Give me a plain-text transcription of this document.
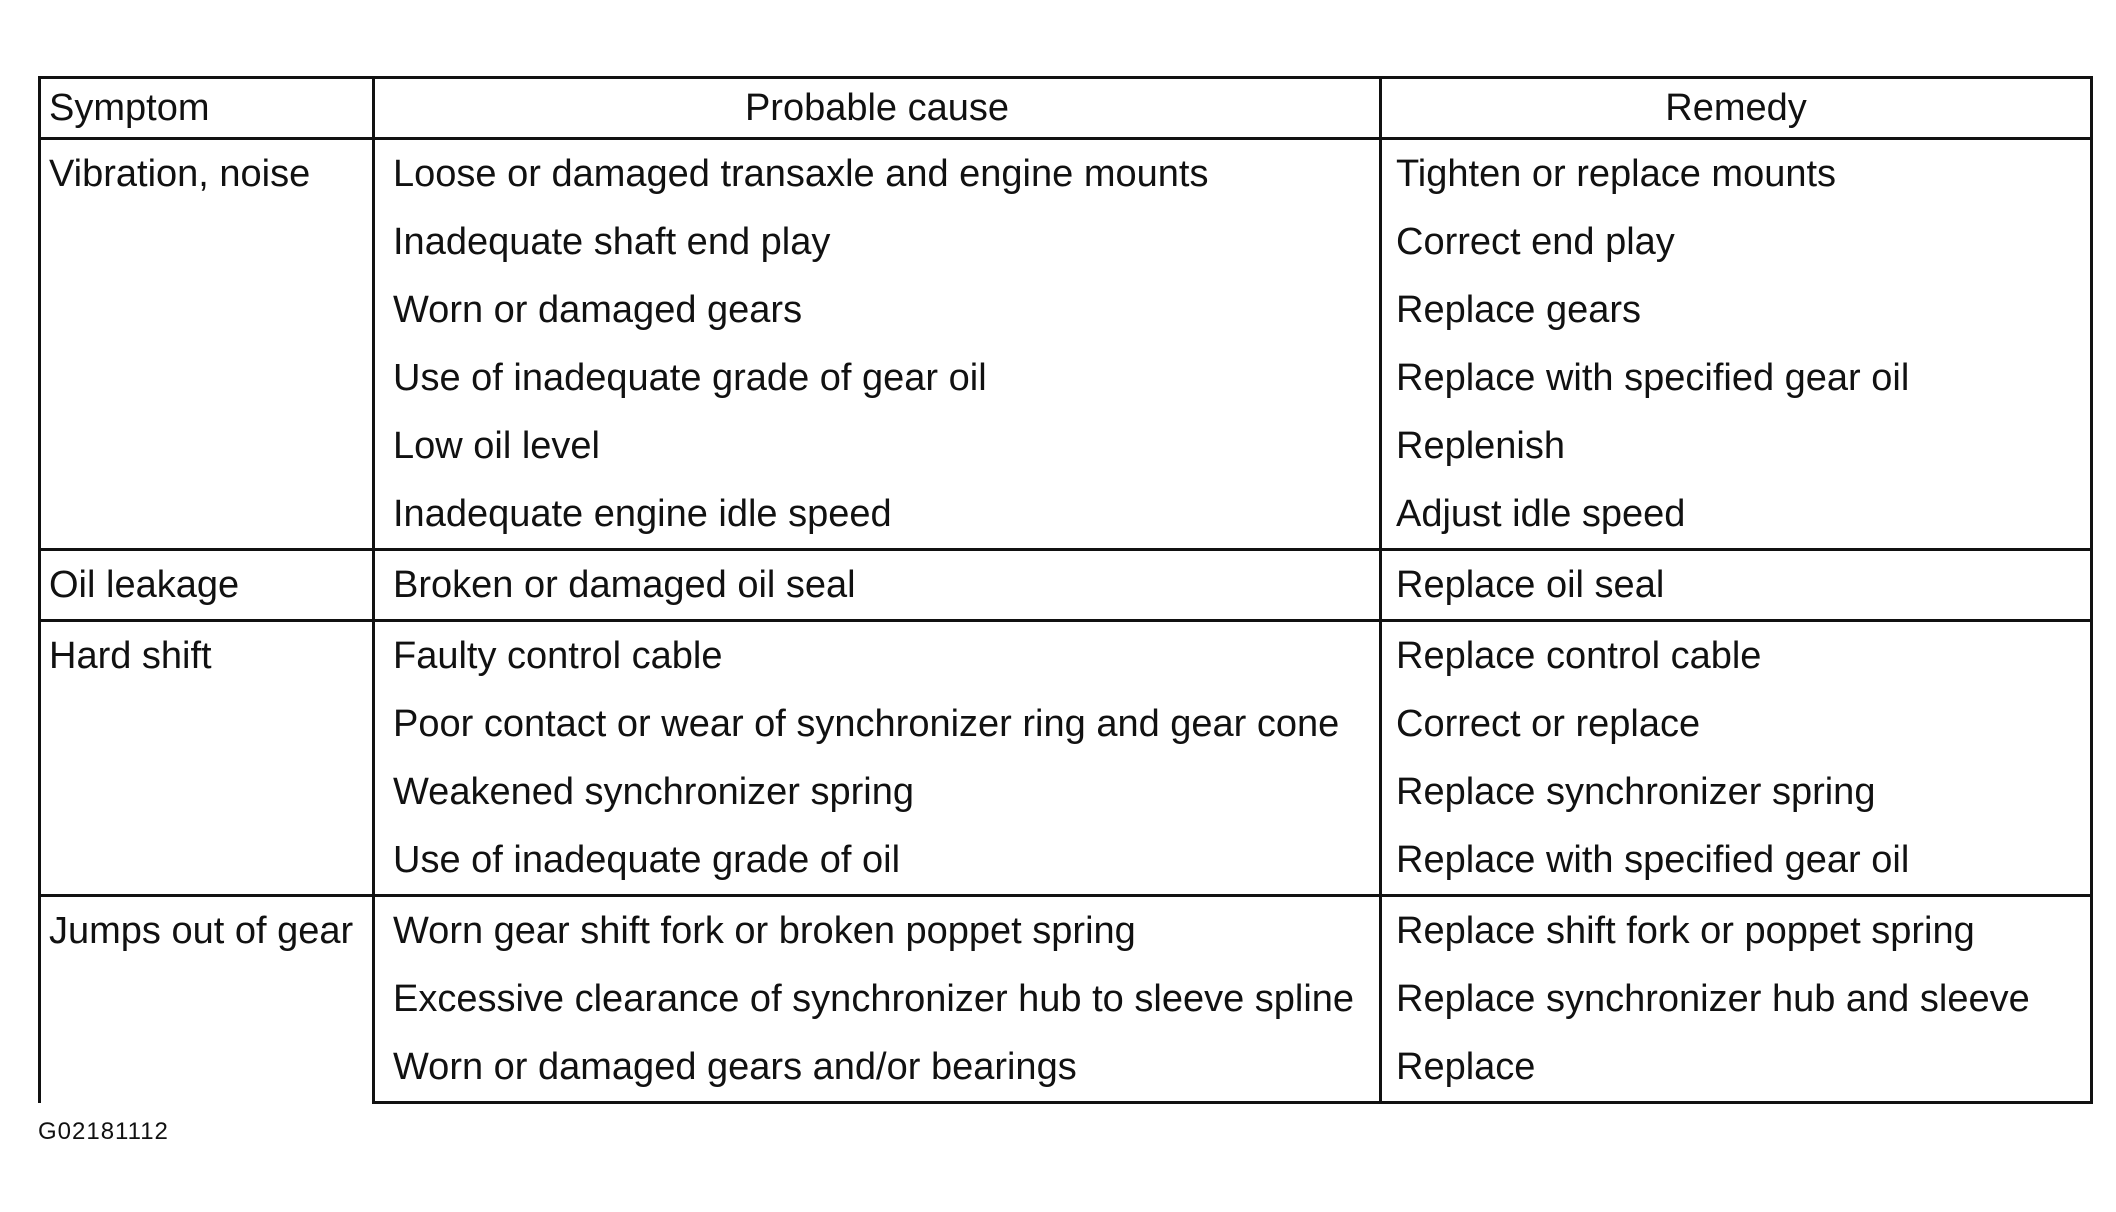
Symptom	Probable cause	Remedy

Vibration, noise	Loose or damaged transaxle and engine mounts	Tighten or replace mounts

	Inadequate shaft end play	Correct end play

	Worn or damaged gears	Replace gears

	Use of inadequate grade of gear oil	Replace with specified gear oil

	Low oil level	Replenish

	Inadequate engine idle speed	Adjust idle speed

Oil leakage	Broken or damaged oil seal	Replace oil seal

Hard shift	Faulty control cable	Replace control cable

	Poor contact or wear of synchronizer ring and gear cone	Correct or replace

	Weakened synchronizer spring	Replace synchronizer spring

	Use of inadequate grade of oil	Replace with specified gear oil

Jumps out of gear	Worn gear shift fork or broken poppet spring	Replace shift fork or poppet spring

	Excessive clearance of synchronizer hub to sleeve spline	Replace synchronizer hub and sleeve

	Worn or damaged gears and/or bearings	Replace
G02181112
